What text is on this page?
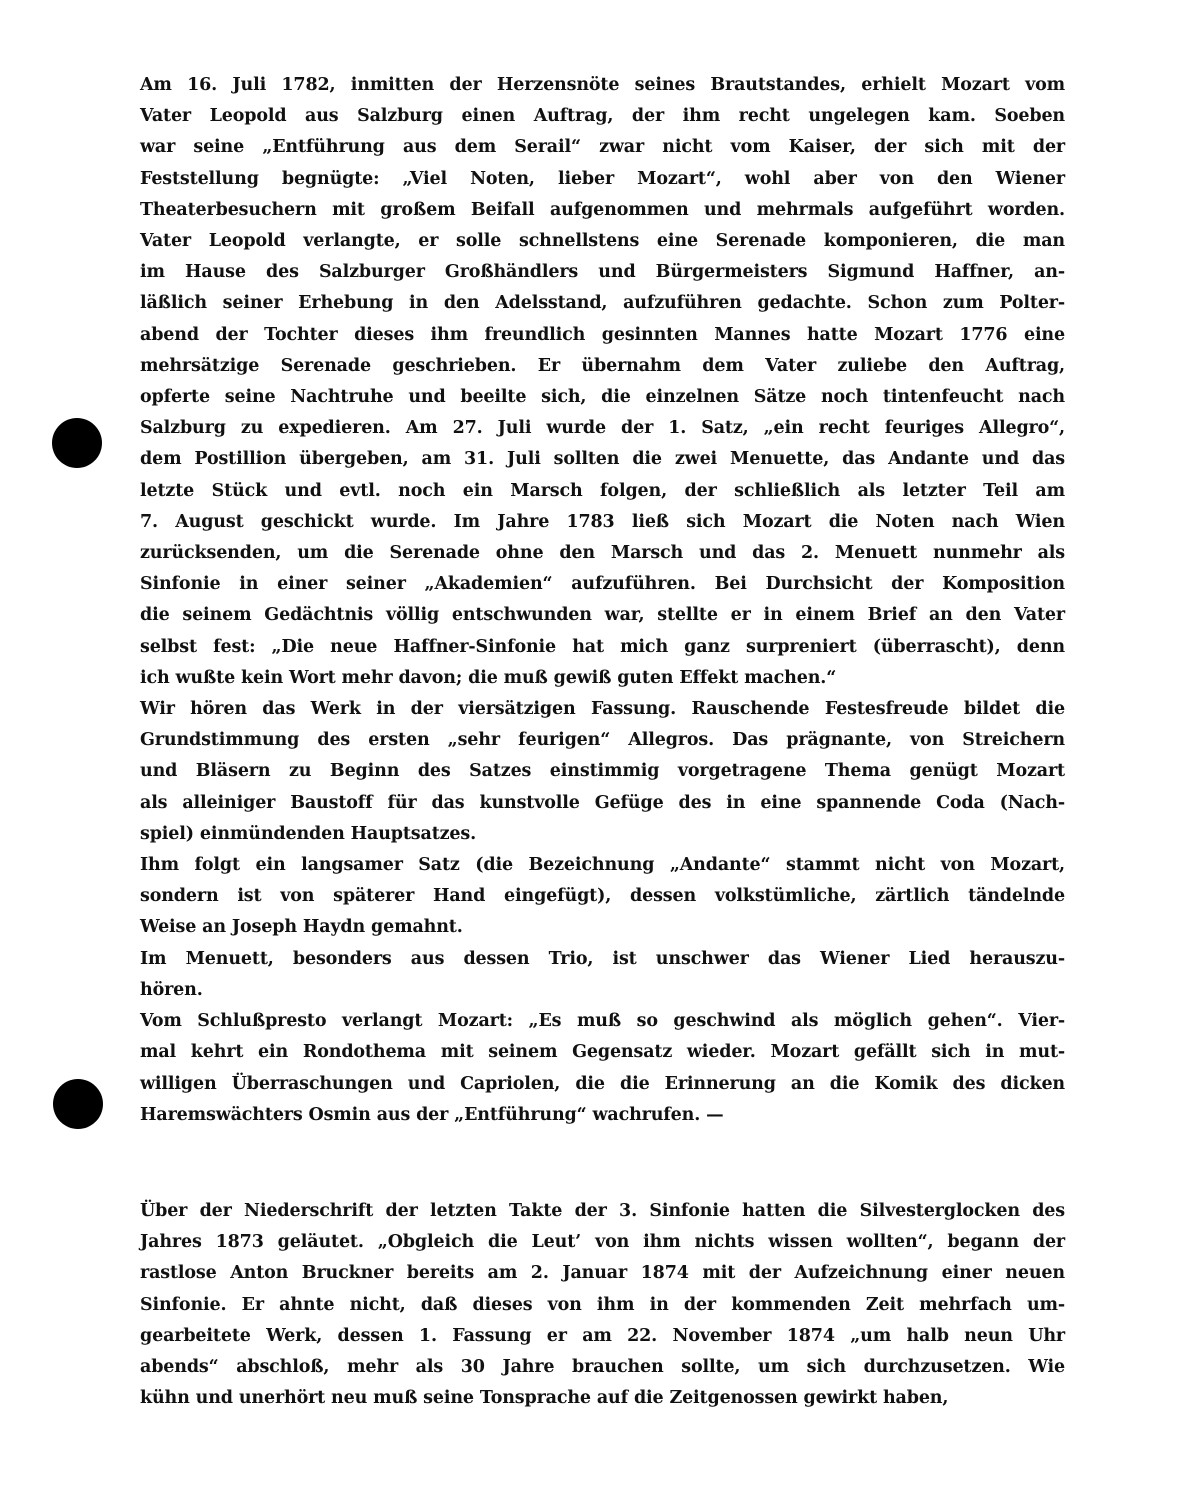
Am 16. Juli 1782, inmitten der Herzensnöte seines Brautstandes, erhielt Mozart vom
Vater Leopold aus Salzburg einen Auftrag, der ihm recht ungelegen kam. Soeben
war seine „Entführung aus dem Serail“ zwar nicht vom Kaiser, der sich mit der
Feststellung begnügte: „Viel Noten, lieber Mozart“, wohl aber von den Wiener
Theaterbesuchern mit großem Beifall aufgenommen und mehrmals aufgeführt worden.
Vater Leopold verlangte, er solle schnellstens eine Serenade komponieren, die man
im Hause des Salzburger Großhändlers und Bürgermeisters Sigmund Haffner, an-
läßlich seiner Erhebung in den Adelsstand, aufzuführen gedachte. Schon zum Polter-
abend der Tochter dieses ihm freundlich gesinnten Mannes hatte Mozart 1776 eine
mehrsätzige Serenade geschrieben. Er übernahm dem Vater zuliebe den Auftrag,
opferte seine Nachtruhe und beeilte sich, die einzelnen Sätze noch tintenfeucht nach
Salzburg zu expedieren. Am 27. Juli wurde der 1. Satz, „ein recht feuriges Allegro“,
dem Postillion übergeben, am 31. Juli sollten die zwei Menuette, das Andante und das
letzte Stück und evtl. noch ein Marsch folgen, der schließlich als letzter Teil am
7. August geschickt wurde. Im Jahre 1783 ließ sich Mozart die Noten nach Wien
zurücksenden, um die Serenade ohne den Marsch und das 2. Menuett nunmehr als
Sinfonie in einer seiner „Akademien“ aufzuführen. Bei Durchsicht der Komposition
die seinem Gedächtnis völlig entschwunden war, stellte er in einem Brief an den Vater
selbst fest: „Die neue Haffner-Sinfonie hat mich ganz surpreniert (überrascht), denn
ich wußte kein Wort mehr davon; die muß gewiß guten Effekt machen.“
Wir hören das Werk in der viersätzigen Fassung. Rauschende Festesfreude bildet die
Grundstimmung des ersten „sehr feurigen“ Allegros. Das prägnante, von Streichern
und Bläsern zu Beginn des Satzes einstimmig vorgetragene Thema genügt Mozart
als alleiniger Baustoff für das kunstvolle Gefüge des in eine spannende Coda (Nach-
spiel) einmündenden Hauptsatzes.
Ihm folgt ein langsamer Satz (die Bezeichnung „Andante“ stammt nicht von Mozart,
sondern ist von späterer Hand eingefügt), dessen volkstümliche, zärtlich tändelnde
Weise an Joseph Haydn gemahnt.
Im Menuett, besonders aus dessen Trio, ist unschwer das Wiener Lied herauszu-
hören.
Vom Schlußpresto verlangt Mozart: „Es muß so geschwind als möglich gehen“. Vier-
mal kehrt ein Rondothema mit seinem Gegensatz wieder. Mozart gefällt sich in mut-
willigen Überraschungen und Capriolen, die die Erinnerung an die Komik des dicken
Haremswächters Osmin aus der „Entführung“ wachrufen. —
Über der Niederschrift der letzten Takte der 3. Sinfonie hatten die Silvesterglocken des
Jahres 1873 geläutet. „Obgleich die Leut’ von ihm nichts wissen wollten“, begann der
rastlose Anton Bruckner bereits am 2. Januar 1874 mit der Aufzeichnung einer neuen
Sinfonie. Er ahnte nicht, daß dieses von ihm in der kommenden Zeit mehrfach um-
gearbeitete Werk, dessen 1. Fassung er am 22. November 1874 „um halb neun Uhr
abends“ abschloß, mehr als 30 Jahre brauchen sollte, um sich durchzusetzen. Wie
kühn und unerhört neu muß seine Tonsprache auf die Zeitgenossen gewirkt haben,
